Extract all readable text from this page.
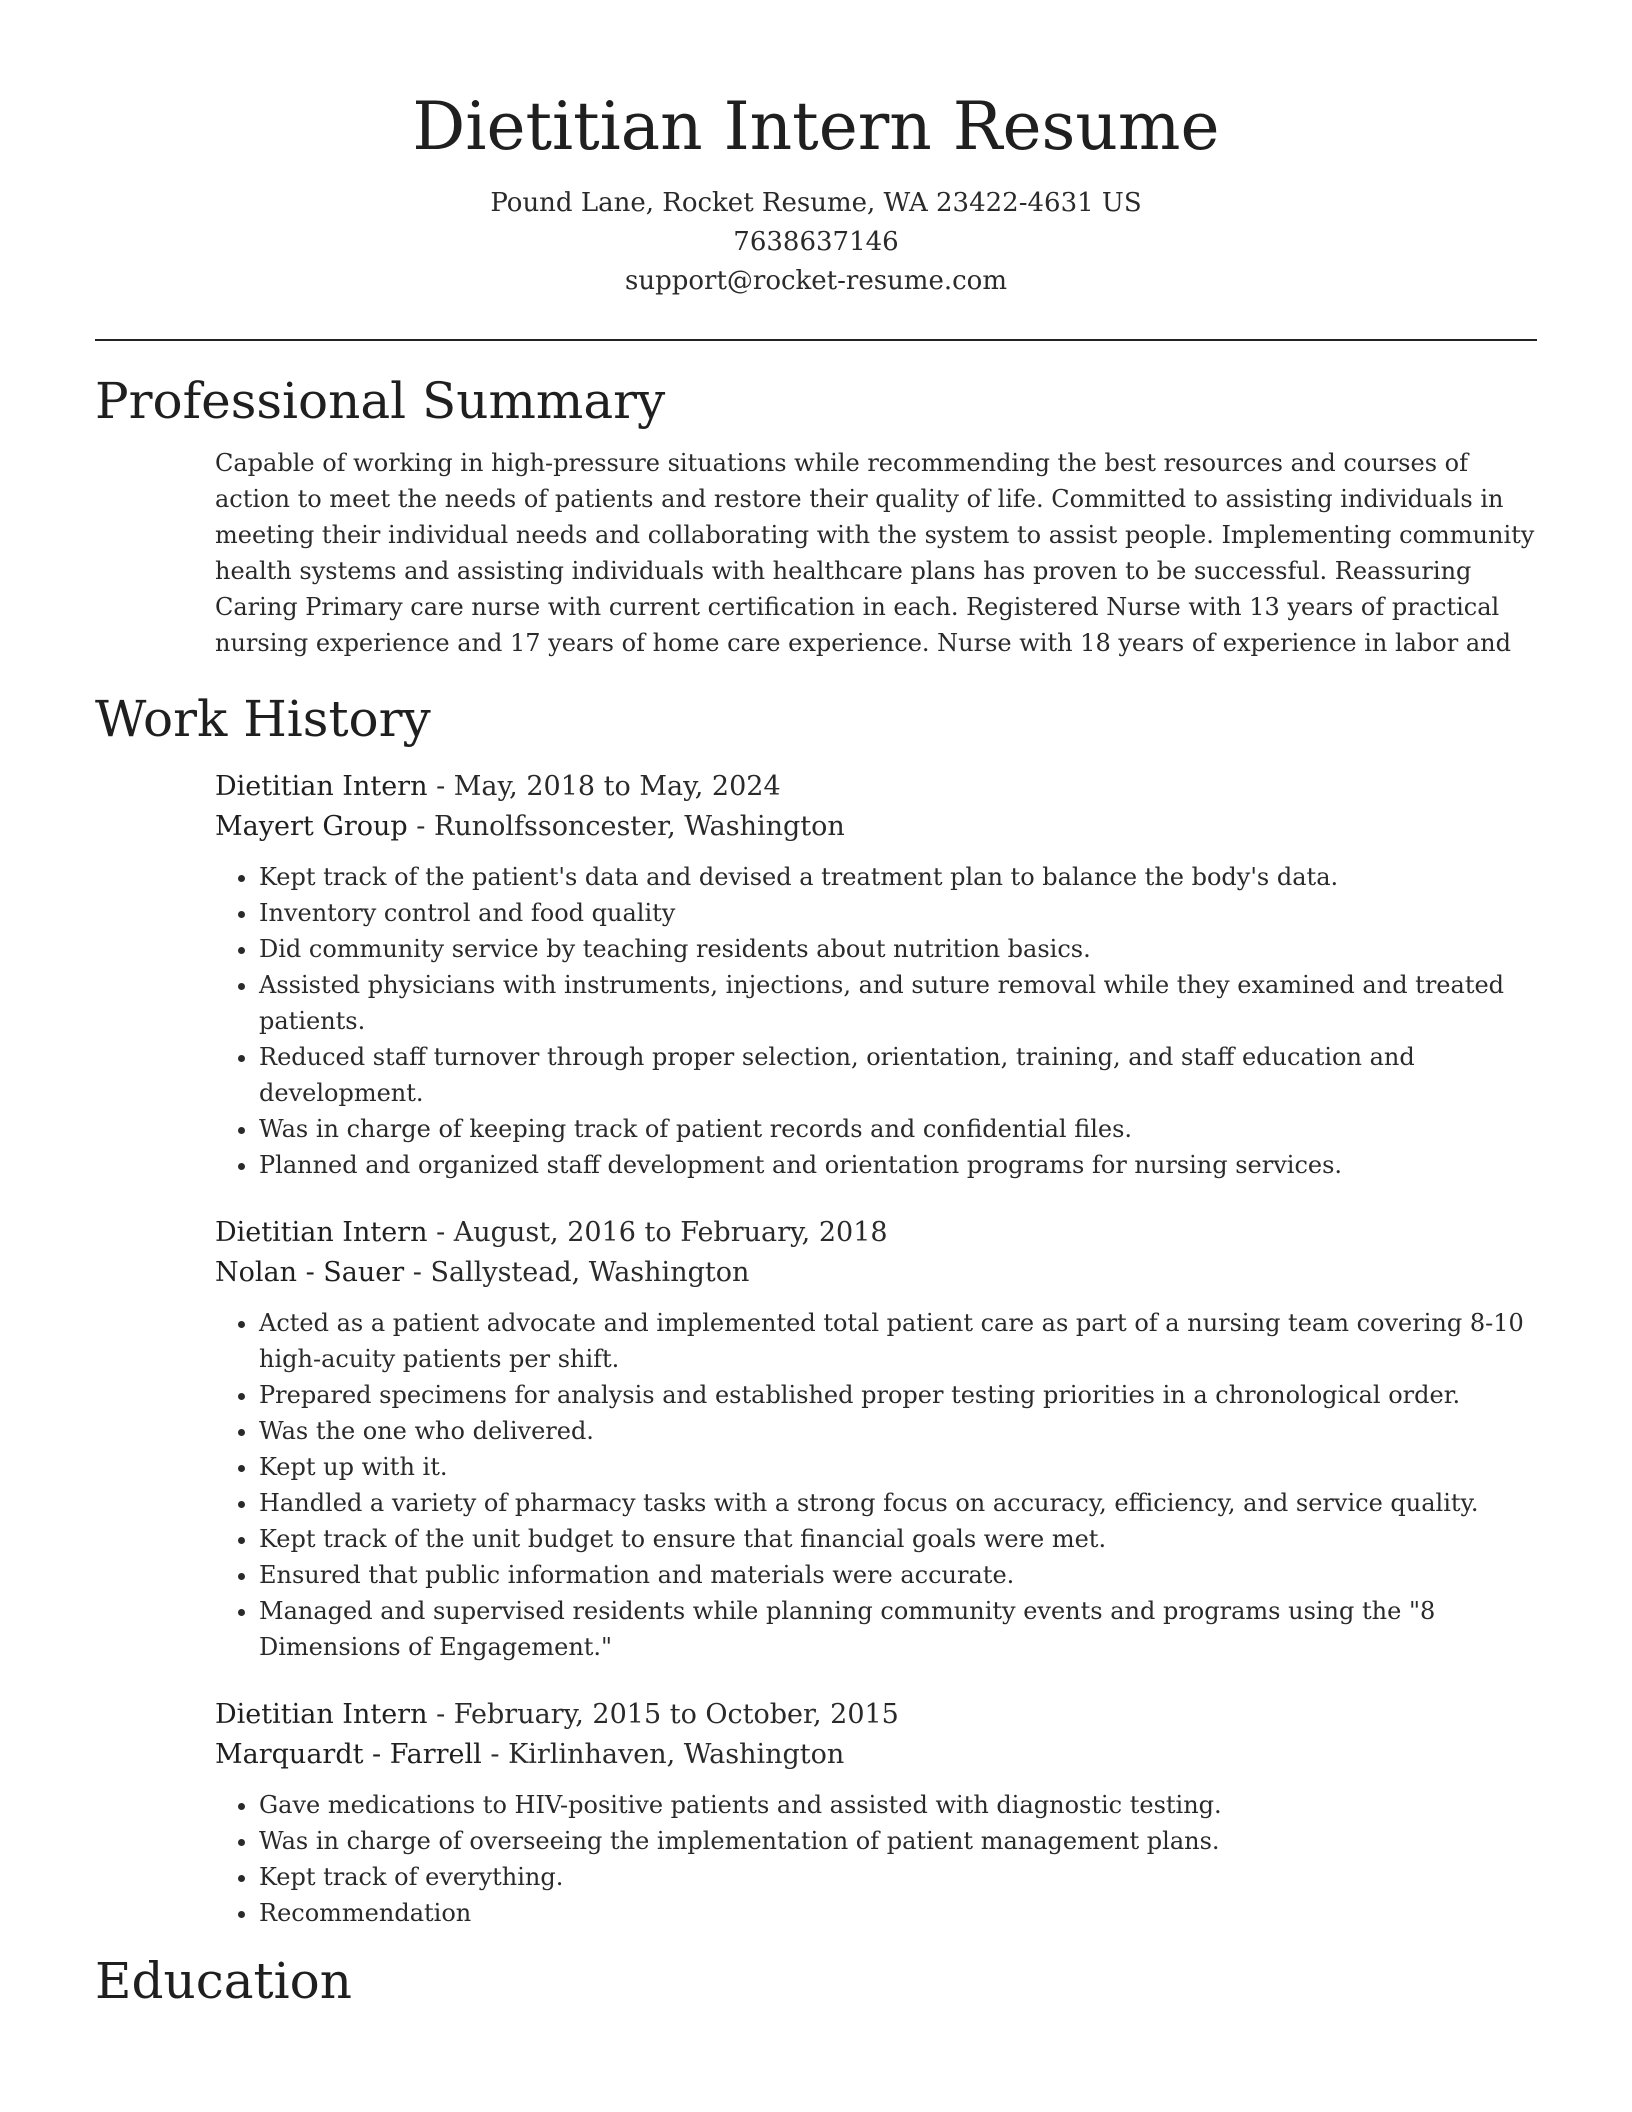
Dietitian Intern Resume
Pound Lane, Rocket Resume, WA 23422-4631 US
7638637146
support@rocket-resume.com
Professional Summary

Capable of working in high-pressure situations while recommending the best resources and courses of action to meet the needs of patients and restore their quality of life. Committed to assisting individuals in meeting their individual needs and collaborating with the system to assist people. Implementing community health systems and assisting individuals with healthcare plans has proven to be successful. Reassuring Caring Primary care nurse with current certification in each. Registered Nurse with 13 years of practical nursing experience and 17 years of home care experience. Nurse with 18 years of experience in labor and

Work History
Dietitian Intern - May, 2018 to May, 2024
Mayert Group - Runolfssoncester, Washington
• Kept track of the patient's data and devised a treatment plan to balance the body's data.
• Inventory control and food quality
• Did community service by teaching residents about nutrition basics.
• Assisted physicians with instruments, injections, and suture removal while they examined and treated patients.
• Reduced staff turnover through proper selection, orientation, training, and staff education and development.
• Was in charge of keeping track of patient records and confidential files.
• Planned and organized staff development and orientation programs for nursing services.
Dietitian Intern - August, 2016 to February, 2018
Nolan - Sauer - Sallystead, Washington
• Acted as a patient advocate and implemented total patient care as part of a nursing team covering 8-10 high-acuity patients per shift.
• Prepared specimens for analysis and established proper testing priorities in a chronological order.
• Was the one who delivered.
• Kept up with it.
• Handled a variety of pharmacy tasks with a strong focus on accuracy, efficiency, and service quality.
• Kept track of the unit budget to ensure that financial goals were met.
• Ensured that public information and materials were accurate.
• Managed and supervised residents while planning community events and programs using the "8 Dimensions of Engagement."
Dietitian Intern - February, 2015 to October, 2015
Marquardt - Farrell - Kirlinhaven, Washington
• Gave medications to HIV-positive patients and assisted with diagnostic testing.
• Was in charge of overseeing the implementation of patient management plans.
• Kept track of everything.
• Recommendation
Education
